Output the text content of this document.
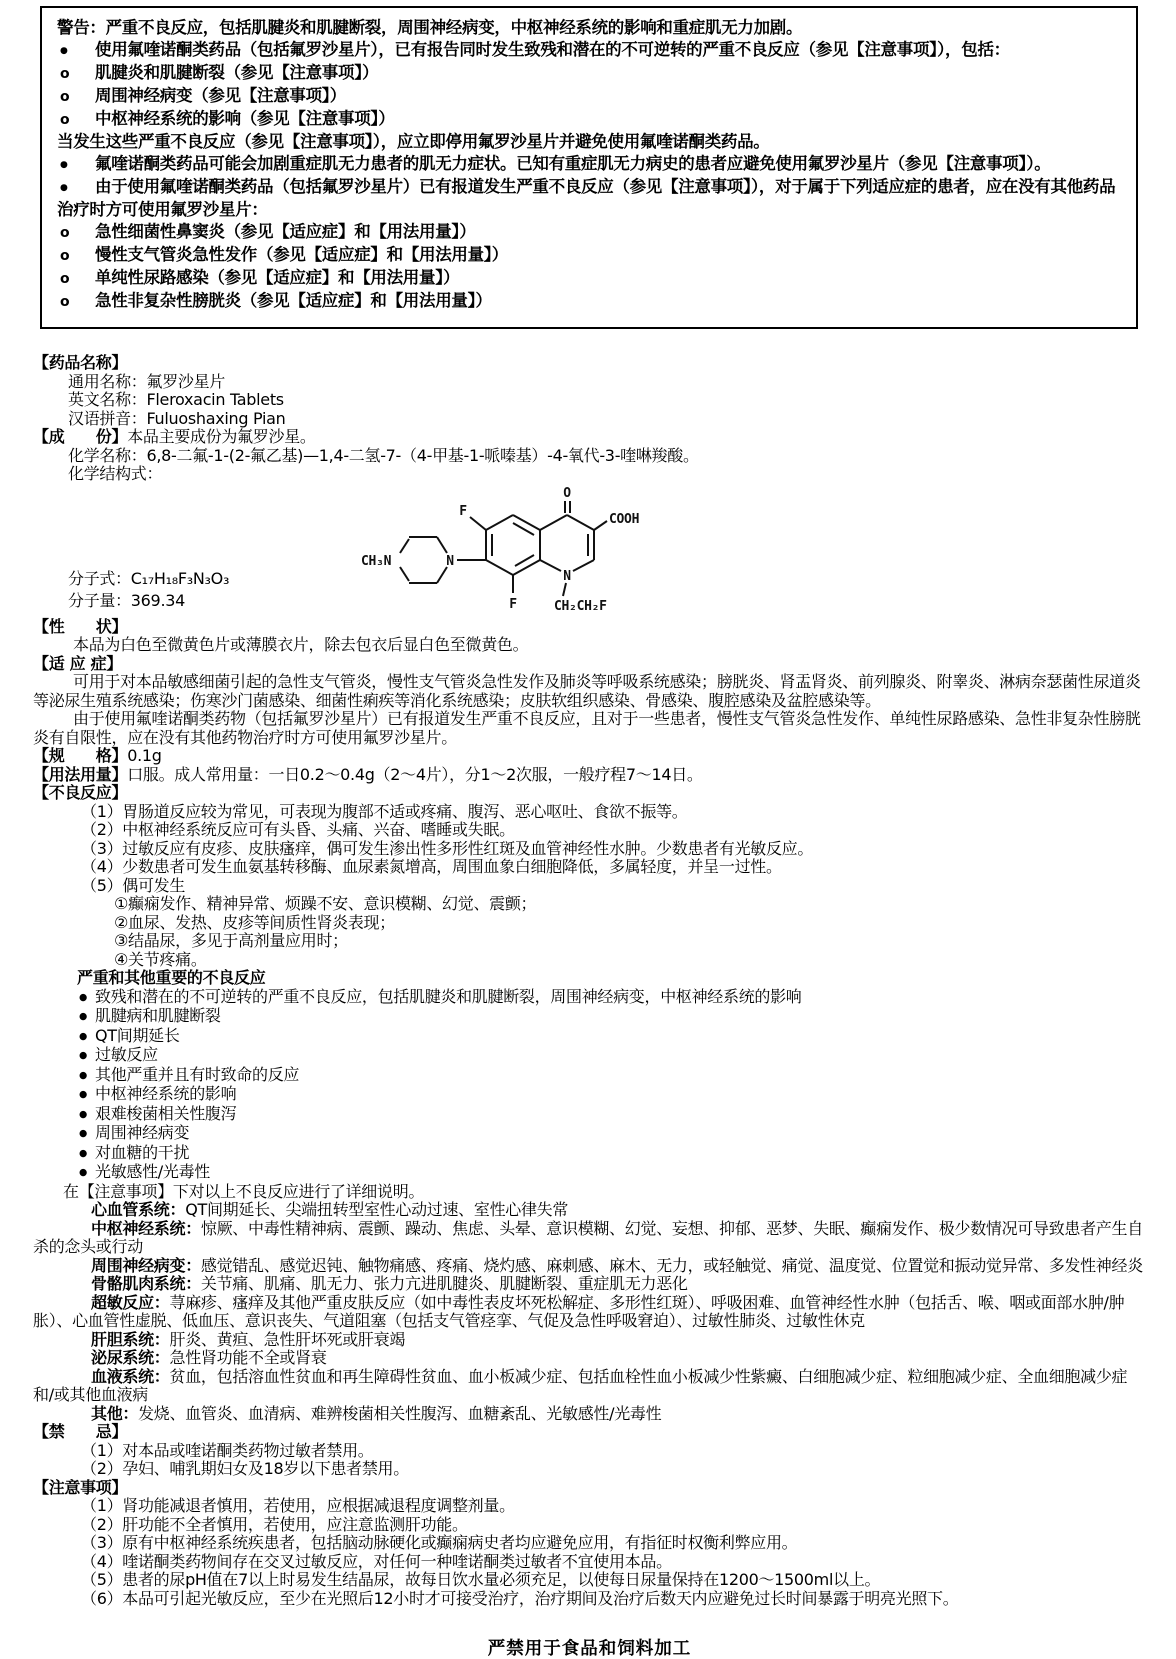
警告：严重不良反应，包括肌腱炎和肌腱断裂，周围神经病变，中枢神经系统的影响和重症肌无力加剧。
● 使用氟喹诺酮类药品（包括氟罗沙星片），已有报告同时发生致残和潜在的不可逆转的严重不良反应（参见【注意事项】），包括：
o 肌腱炎和肌腱断裂（参见【注意事项】）
o 周围神经病变（参见【注意事项】）
o 中枢神经系统的影响（参见【注意事项】）
当发生这些严重不良反应（参见【注意事项】），应立即停用氟罗沙星片并避免使用氟喹诺酮类药品。
● 氟喹诺酮类药品可能会加剧重症肌无力患者的肌无力症状。已知有重症肌无力病史的患者应避免使用氟罗沙星片（参见【注意事项】）。
● 由于使用氟喹诺酮类药品（包括氟罗沙星片）已有报道发生严重不良反应（参见【注意事项】），对于属于下列适应症的患者，应在没有其他药品治疗时方可使用氟罗沙星片：
o 急性细菌性鼻窦炎（参见【适应症】和【用法用量】）
o 慢性支气管炎急性发作（参见【适应症】和【用法用量】）
o 单纯性尿路感染（参见【适应症】和【用法用量】）
o 急性非复杂性膀胱炎（参见【适应症】和【用法用量】）
【药品名称】
通用名称：氟罗沙星片
英文名称：Fleroxacin Tablets
汉语拼音：Fuluoshaxing Pian
【成　　份】本品主要成份为氟罗沙星。
化学名称：6,8-二氟-1-(2-氟乙基)—1,4-二氢-7-（4-甲基-1-哌嗪基）-4-氧代-3-喹啉羧酸。
化学结构式：
CH₃N	N
F
F
O
COOH
N
CH₂CH₂F
分子式：C₁₇H₁₈F₃N₃O₃
分子量：369.34
【性　　状】
本品为白色至微黄色片或薄膜衣片，除去包衣后显白色至微黄色。
【适 应 症】
可用于对本品敏感细菌引起的急性支气管炎，慢性支气管炎急性发作及肺炎等呼吸系统感染；膀胱炎、肾盂肾炎、前列腺炎、附睾炎、淋病奈瑟菌性尿道炎等泌尿生殖系统感染；伤寒沙门菌感染、细菌性痢疾等消化系统感染；皮肤软组织感染、骨感染、腹腔感染及盆腔感染等。
由于使用氟喹诺酮类药物（包括氟罗沙星片）已有报道发生严重不良反应，且对于一些患者，慢性支气管炎急性发作、单纯性尿路感染、急性非复杂性膀胱炎有自限性，应在没有其他药物治疗时方可使用氟罗沙星片。
【规　　格】0.1g
【用法用量】口服。成人常用量：一日0.2～0.4g（2～4片），分1～2次服，一般疗程7～14日。
【不良反应】
（1）胃肠道反应较为常见，可表现为腹部不适或疼痛、腹泻、恶心呕吐、食欲不振等。
（2）中枢神经系统反应可有头昏、头痛、兴奋、嗜睡或失眠。
（3）过敏反应有皮疹、皮肤瘙痒，偶可发生渗出性多形性红斑及血管神经性水肿。少数患者有光敏反应。
（4）少数患者可发生血氨基转移酶、血尿素氮增高，周围血象白细胞降低，多属轻度，并呈一过性。
（5）偶可发生
①癫痫发作、精神异常、烦躁不安、意识模糊、幻觉、震颤；
②血尿、发热、皮疹等间质性肾炎表现；
③结晶尿，多见于高剂量应用时；
④关节疼痛。
严重和其他重要的不良反应
● 致残和潜在的不可逆转的严重不良反应，包括肌腱炎和肌腱断裂，周围神经病变，中枢神经系统的影响
● 肌腱病和肌腱断裂
● QT间期延长
● 过敏反应
● 其他严重并且有时致命的反应
● 中枢神经系统的影响
● 艰难梭菌相关性腹泻
● 周围神经病变
● 对血糖的干扰
● 光敏感性/光毒性
在【注意事项】下对以上不良反应进行了详细说明。
心血管系统：QT间期延长、尖端扭转型室性心动过速、室性心律失常
中枢神经系统：惊厥、中毒性精神病、震颤、躁动、焦虑、头晕、意识模糊、幻觉、妄想、抑郁、恶梦、失眠、癫痫发作、极少数情况可导致患者产生自杀的念头或行动
周围神经病变：感觉错乱、感觉迟钝、触物痛感、疼痛、烧灼感、麻刺感、麻木、无力，或轻触觉、痛觉、温度觉、位置觉和振动觉异常、多发性神经炎
骨骼肌肉系统：关节痛、肌痛、肌无力、张力亢进肌腱炎、肌腱断裂、重症肌无力恶化
超敏反应：荨麻疹、瘙痒及其他严重皮肤反应（如中毒性表皮坏死松解症、多形性红斑）、呼吸困难、血管神经性水肿（包括舌、喉、咽或面部水肿/肿胀）、心血管性虚脱、低血压、意识丧失、气道阻塞（包括支气管痉挛、气促及急性呼吸窘迫）、过敏性肺炎、过敏性休克
肝胆系统：肝炎、黄疸、急性肝坏死或肝衰竭
泌尿系统：急性肾功能不全或肾衰
血液系统：贫血，包括溶血性贫血和再生障碍性贫血、血小板减少症、包括血栓性血小板减少性紫癜、白细胞减少症、粒细胞减少症、全血细胞减少症和/或其他血液病
其他：发烧、血管炎、血清病、难辨梭菌相关性腹泻、血糖紊乱、光敏感性/光毒性
【禁　　忌】
（1）对本品或喹诺酮类药物过敏者禁用。
（2）孕妇、哺乳期妇女及18岁以下患者禁用。
【注意事项】
（1）肾功能减退者慎用，若使用，应根据减退程度调整剂量。
（2）肝功能不全者慎用，若使用，应注意监测肝功能。
（3）原有中枢神经系统疾患者，包括脑动脉硬化或癫痫病史者均应避免应用，有指征时权衡利弊应用。
（4）喹诺酮类药物间存在交叉过敏反应，对任何一种喹诺酮类过敏者不宜使用本品。
（5）患者的尿pH值在7以上时易发生结晶尿，故每日饮水量必须充足，以使每日尿量保持在1200～1500ml以上。
（6）本品可引起光敏反应，至少在光照后12小时才可接受治疗，治疗期间及治疗后数天内应避免过长时间暴露于明亮光照下。
严禁用于食品和饲料加工
